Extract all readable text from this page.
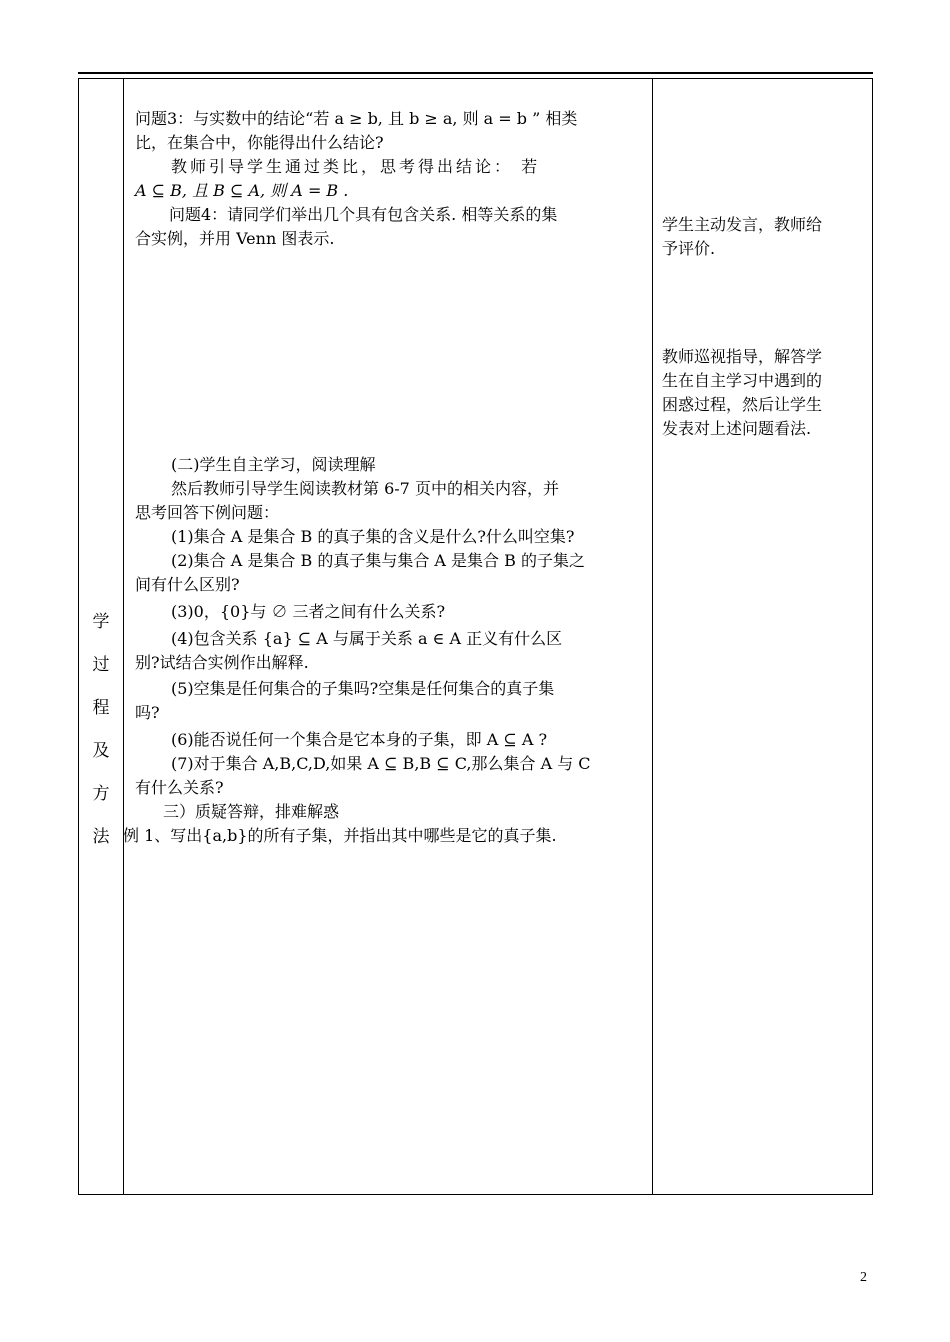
学
过
程
及
方
法

问题3：与实数中的结论“若 a ≥ b, 且 b ≥ a, 则 a = b ” 相类

比，在集合中，你能得出什么结论?

教师引导学生通过类比，思考得出结论： 若

A ⊆ B, 且 B ⊆ A, 则 A = B .

问题4：请同学们举出几个具有包含关系. 相等关系的集

合实例，并用 Venn 图表示.

(二)学生自主学习，阅读理解

然后教师引导学生阅读教材第 6-7 页中的相关内容，并

思考回答下例问题：

(1)集合 A 是集合 B 的真子集的含义是什么?什么叫空集?

(2)集合 A 是集合 B 的真子集与集合 A 是集合 B 的子集之

间有什么区别?

(3)0，{0}与 ∅ 三者之间有什么关系?

(4)包含关系 {a} ⊆ A 与属于关系 a ∈ A 正义有什么区

别?试结合实例作出解释.

(5)空集是任何集合的子集吗?空集是任何集合的真子集

吗?

(6)能否说任何一个集合是它本身的子集，即 A ⊆ A ?

(7)对于集合 A,B,C,D,如果 A ⊆ B,B ⊆ C,那么集合 A 与 C

有什么关系?

三）质疑答辩，排难解惑

例 1、写出{a,b}的所有子集，并指出其中哪些是它的真子集.

学生主动发言，教师给

予评价.

教师巡视指导，解答学

生在自主学习中遇到的

困惑过程，然后让学生

发表对上述问题看法.

2
